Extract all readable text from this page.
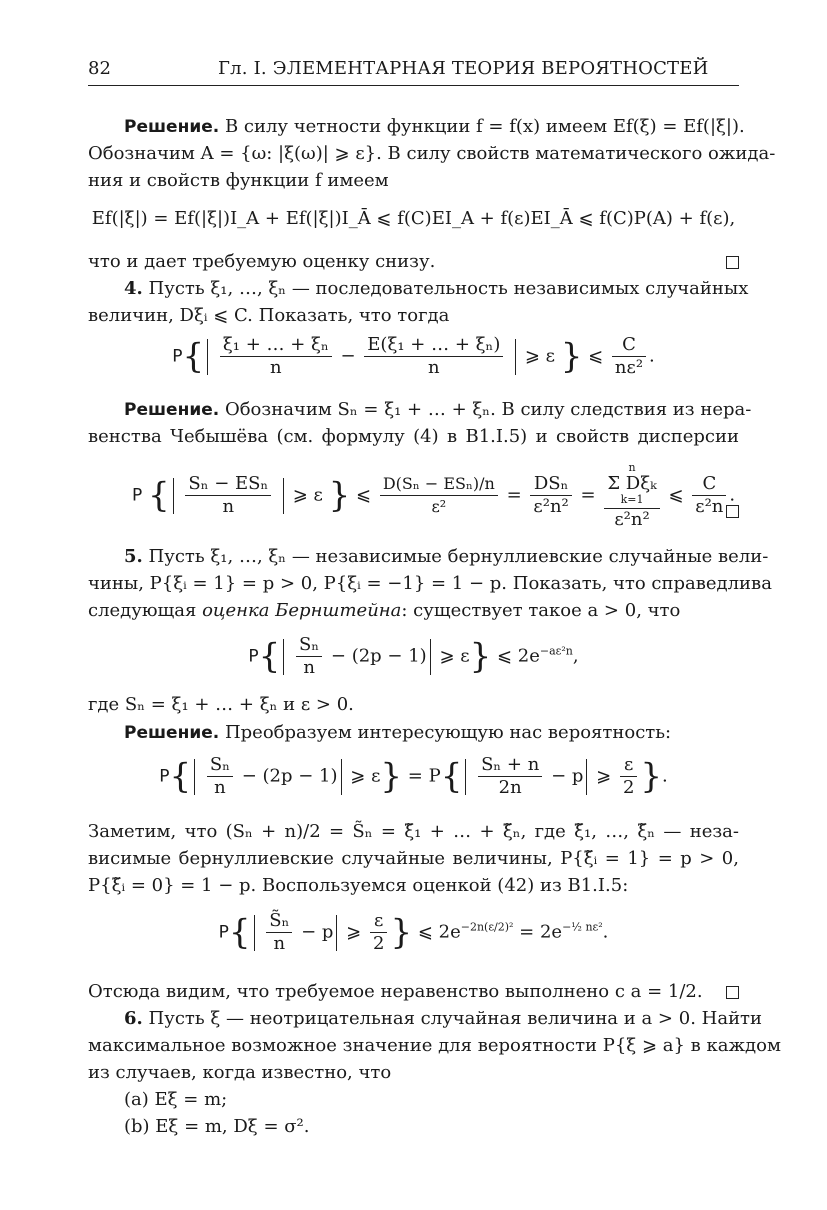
82	Гл. I. ЭЛЕМЕНТАРНАЯ ТЕОРИЯ ВЕРОЯТНОСТЕЙ
Решение. В силу четности функции f = f(x) имеем Ef(ξ) = Ef(|ξ|).
Обозначим A = {ω: |ξ(ω)| ⩾ ε}. В силу свойств математического ожида-
ния и свойств функции f имеем
Ef(|ξ|) = Ef(|ξ|)I_A + Ef(|ξ|)I_Ā ⩽ f(C)EI_A + f(ε)EI_Ā ⩽ f(C)P(A) + f(ε),
что и дает требуемую оценку снизу.
4. Пусть ξ₁, …, ξₙ — последовательность независимых случайных
величин, Dξᵢ ⩽ C. Показать, что тогда
$P\{ \frac{\text{ξ₁ + … + ξₙ}}{n} - \frac{\text{E(ξ₁ + … + ξₙ)}}{n}$ ⩾ ε } ⩽ $\frac{C}{\text{nε²}}$ .
Решение. Обозначим Sₙ = ξ₁ + … + ξₙ. В силу следствия из нера-
венства Чебышёва (см. формулу (4) в В1.I.5) и свойств дисперсии
P { $\frac{\text{Sₙ − ESₙ}}{n}$ ⩾ ε } ⩽ $\frac{\text{D(Sₙ − ESₙ)/n}}{\text{ε²}} = \frac{\text{DSₙ}}{\text{ε²n²}} = n$
Σ Dξₖ
k=1
ε²n² ⩽ $\frac{C}{\text{ε²n}}$ .
5. Пусть ξ₁, …, ξₙ — независимые бернуллиевские случайные вели-
чины, P{ξᵢ = 1} = p > 0, P{ξᵢ = −1} = 1 − p. Показать, что справедлива
следующая оценка Бернштейна: существует такое a > 0, что
$P\{ \frac{\text{Sₙ}}{n} - (2p - 1)$ ⩾ ε} ⩽ $2e^{-a\varepsilon^2n}$,
где Sₙ = ξ₁ + … + ξₙ и ε > 0.
Решение. Преобразуем интересующую нас вероятность:
$P\{ \frac{\text{Sₙ}}{n} - (2p - 1)$ ⩾ $\varepsilon\} = P\{ \frac{\text{Sₙ + n}}{2n} - p$ ⩾ $\frac{\varepsilon}{2}$ }.
Заметим, что (Sₙ + n)/2 = S̃ₙ = ξ̃₁ + … + ξ̃ₙ, где ξ̃₁, …, ξ̃ₙ — неза-
висимые бернуллиевские случайные величины, P{ξ̃ᵢ = 1} = p > 0,
P{ξ̃ᵢ = 0} = 1 − p. Воспользуемся оценкой (42) из В1.I.5:
$P\{ \frac{\text{S̃ₙ}}{n} - p$ ⩾ $\frac{\varepsilon}{2}$ } ⩽ $2e^{-2n(\varepsilon/2)^2} = 2e^{-\frac{1}{2} n\varepsilon^2}$.
Отсюда видим, что требуемое неравенство выполнено с a = 1/2.
6. Пусть ξ — неотрицательная случайная величина и a > 0. Найти
максимальное возможное значение для вероятности P{ξ ⩾ a} в каждом
из случаев, когда известно, что
(a) Eξ = m;
(b) Eξ = m, Dξ = σ².
